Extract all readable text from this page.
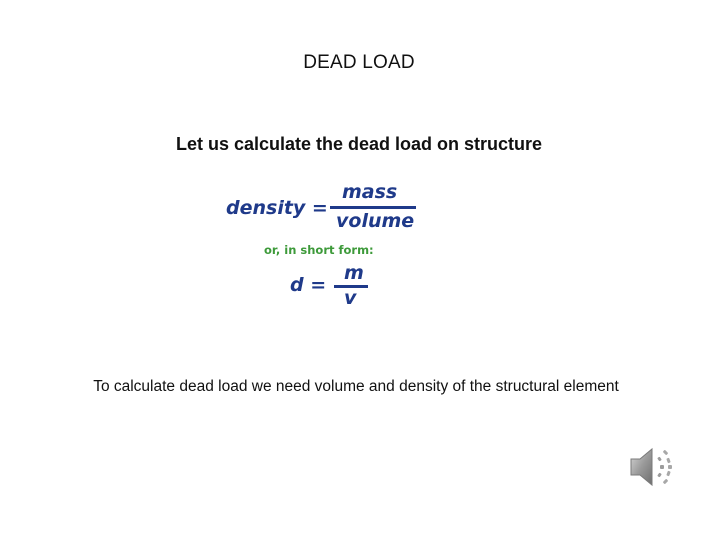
DEAD LOAD
Let us calculate the dead load on structure
density =
mass
volume
or, in short form:
d =
m
v
To calculate dead load we need volume and density of the structural element
